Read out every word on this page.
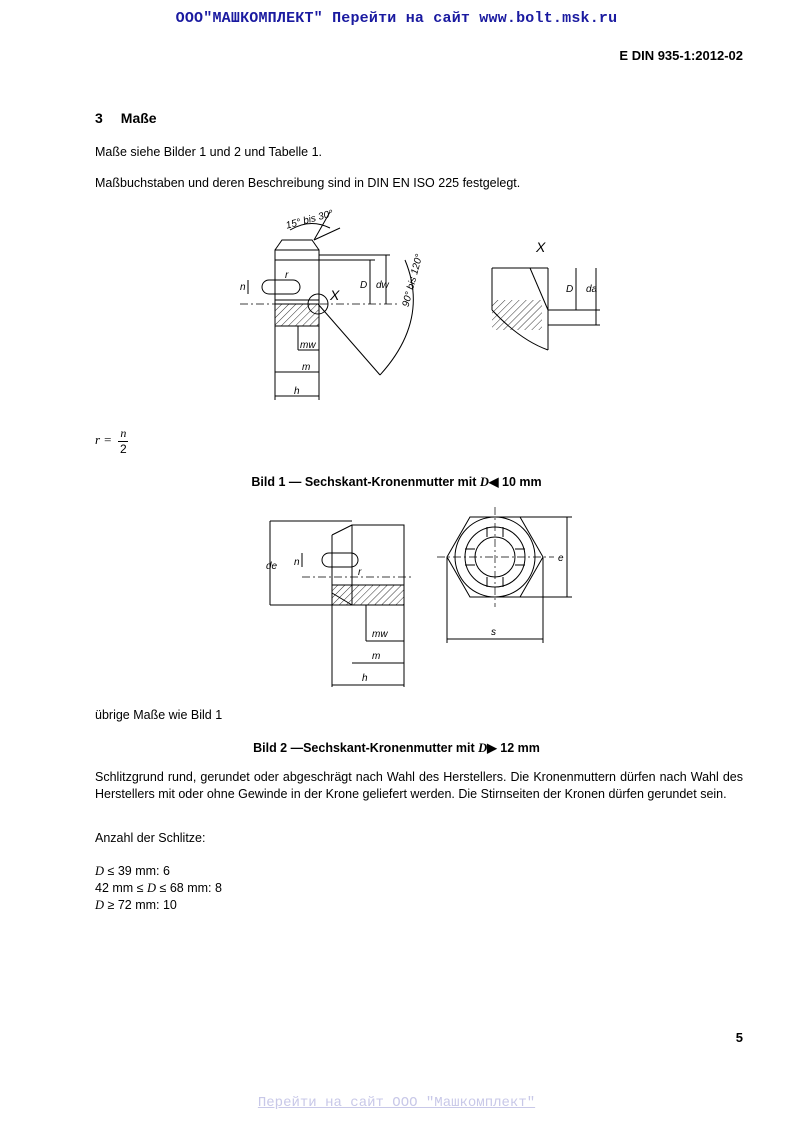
ООО"МАШКОМПЛЕКТ" Перейти на сайт www.bolt.msk.ru
E DIN 935-1:2012-02
3 Maße
Maße siehe Bilder 1 und 2 und Tabelle 1.
Maßbuchstaben und deren Beschreibung sind in DIN EN ISO 225 festgelegt.
15° bis 30°
90° bis 120°
n
r
D dw
X
mw
m
h
X
D da
$r = \frac{n}{2}$
Bild 1 — Sechskant-Kronenmutter mit D◀ 10 mm
de n
r
mw
m
h
s
e
übrige Maße wie Bild 1
Bild 2 —Sechskant-Kronenmutter mit D▶ 12 mm
Schlitzgrund rund, gerundet oder abgeschrägt nach Wahl des Herstellers. Die Kronenmuttern dürfen nach Wahl des Herstellers mit oder ohne Gewinde in der Krone geliefert werden. Die Stirnseiten der Kronen dürfen gerundet sein.
Anzahl der Schlitze:
D ≤ 39 mm: 6
42 mm ≤ D ≤ 68 mm: 8
D ≥ 72 mm: 10
5
Перейти на сайт ООО "Машкомплект"
